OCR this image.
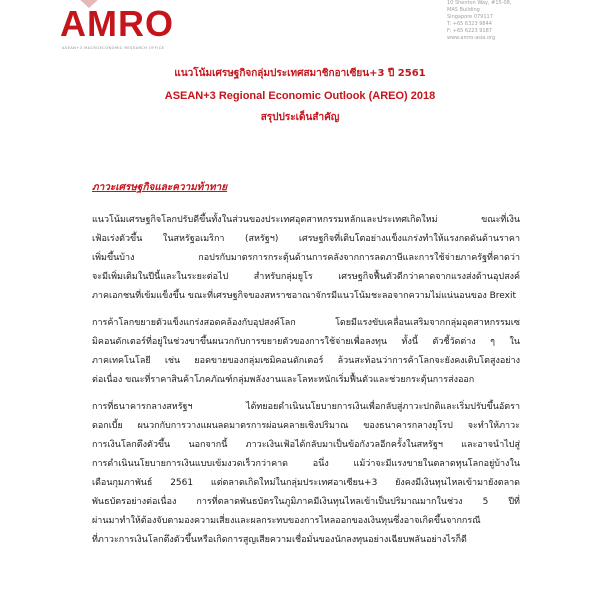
AMRO
ASEAN+3 MACROECONOMIC RESEARCH OFFICE
10 Shenton Way, #15-08,
MAS Building
Singapore 079117
T: +65 6323 9844
F: +65 6223 9187
www.amro-asia.org
แนวโน้มเศรษฐกิจกลุ่มประเทศสมาชิกอาเซียน+3 ปี 2561
ASEAN+3 Regional Economic Outlook (AREO) 2018
สรุปประเด็นสำคัญ
ภาวะเศรษฐกิจและความท้าทาย
แนวโน้มเศรษฐกิจโลกปรับดีขึ้นทั้งในส่วนของประเทศอุตสาหกรรมหลักและประเทศเกิดใหม่ ขณะที่เงิน
เฟ้อเร่งตัวขึ้น ในสหรัฐอเมริกา (สหรัฐฯ) เศรษฐกิจที่เติบโตอย่างแข็งแกร่งทำให้แรงกดดันด้านราคา
เพิ่มขึ้นบ้าง กอปรกับมาตรการกระตุ้นด้านการคลังจากการลดภาษีและการใช้จ่ายภาครัฐที่คาดว่า
จะมีเพิ่มเติมในปีนี้และในระยะต่อไป สำหรับกลุ่มยูโร เศรษฐกิจฟื้นตัวดีกว่าคาดจากแรงส่งด้านอุปสงค์
ภาคเอกชนที่เข้มแข็งขึ้น ขณะที่เศรษฐกิจของสหราชอาณาจักรมีแนวโน้มชะลอจากความไม่แน่นอนของ Brexit
การค้าโลกขยายตัวแข็งแกร่งสอดคล้องกับอุปสงค์โลก โดยมีแรงขับเคลื่อนเสริมจากกลุ่มอุตสาหกรรมเซ
มิคอนดักเตอร์ที่อยู่ในช่วงขาขึ้นผนวกกับการขยายตัวของการใช้จ่ายเพื่อลงทุน ทั้งนี้ ตัวชี้วัดต่าง ๆ ใน
ภาคเทคโนโลยี เช่น ยอดขายของกลุ่มเซมิคอนดักเตอร์ ล้วนสะท้อนว่าการค้าโลกจะยังคงเติบโตสูงอย่าง
ต่อเนื่อง ขณะที่ราคาสินค้าโภคภัณฑ์กลุ่มพลังงานและโลหะหนักเริ่มฟื้นตัวและช่วยกระตุ้นการส่งออก
การที่ธนาคารกลางสหรัฐฯ ได้ทยอยดำเนินนโยบายการเงินเพื่อกลับสู่ภาวะปกติและเริ่มปรับขึ้นอัตรา
ดอกเบี้ย ผนวกกับการวางแผนลดมาตรการผ่อนคลายเชิงปริมาณ ของธนาคารกลางยุโรป จะทำให้ภาวะ
การเงินโลกตึงตัวขึ้น นอกจากนี้ ภาวะเงินเฟ้อได้กลับมาเป็นข้อกังวลอีกครั้งในสหรัฐฯ และอาจนำไปสู่
การดำเนินนโยบายการเงินแบบเข้มงวดเร็วกว่าคาด อนึ่ง แม้ว่าจะมีแรงขายในตลาดทุนโลกอยู่บ้างใน
เดือนกุมภาพันธ์ 2561 แต่ตลาดเกิดใหม่ในกลุ่มประเทศอาเซียน+3 ยังคงมีเงินทุนไหลเข้ามายังตลาด
พันธบัตรอย่างต่อเนื่อง การที่ตลาดพันธบัตรในภูมิภาคมีเงินทุนไหลเข้าเป็นปริมาณมากในช่วง 5 ปีที่
ผ่านมาทำให้ต้องจับตามองความเสี่ยงและผลกระทบของการไหลออกของเงินทุนซึ่งอาจเกิดขึ้นจากกรณี
ที่ภาวะการเงินโลกตึงตัวขึ้นหรือเกิดการสูญเสียความเชื่อมั่นของนักลงทุนอย่างเฉียบพลันอย่างไรก็ดี
